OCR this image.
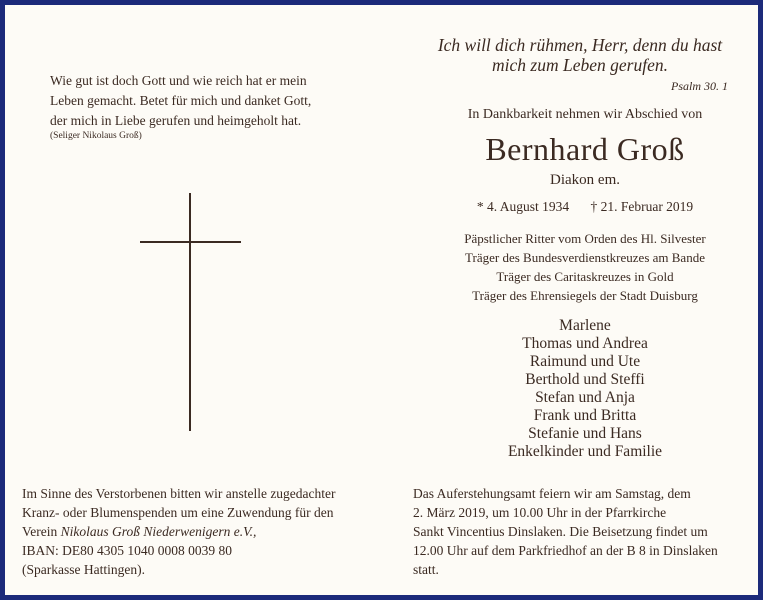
Wie gut ist doch Gott und wie reich hat er mein
Leben gemacht. Betet für mich und danket Gott,
der mich in Liebe gerufen und heimgeholt hat.
(Seliger Nikolaus Groß)
Im Sinne des Verstorbenen bitten wir anstelle zugedachter
Kranz- oder Blumenspenden um eine Zuwendung für den
Verein Nikolaus Groß Niederwenigern e.V.,
IBAN: DE80 4305 1040 0008 0039 80
(Sparkasse Hattingen).
Ich will dich rühmen, Herr, denn du hast
mich zum Leben gerufen.
Psalm 30. 1
In Dankbarkeit nehmen wir Abschied von
Bernhard Groß
Diakon em.
* 4. August 1934 † 21. Februar 2019
Päpstlicher Ritter vom Orden des Hl. Silvester
Träger des Bundesverdienstkreuzes am Bande
Träger des Caritaskreuzes in Gold
Träger des Ehrensiegels der Stadt Duisburg
Marlene
Thomas und Andrea
Raimund und Ute
Berthold und Steffi
Stefan und Anja
Frank und Britta
Stefanie und Hans
Enkelkinder und Familie
Das Auferstehungsamt feiern wir am Samstag, dem
2. März 2019, um 10.00 Uhr in der Pfarrkirche
Sankt Vincentius Dinslaken. Die Beisetzung findet um
12.00 Uhr auf dem Parkfriedhof an der B 8 in Dinslaken
statt.
